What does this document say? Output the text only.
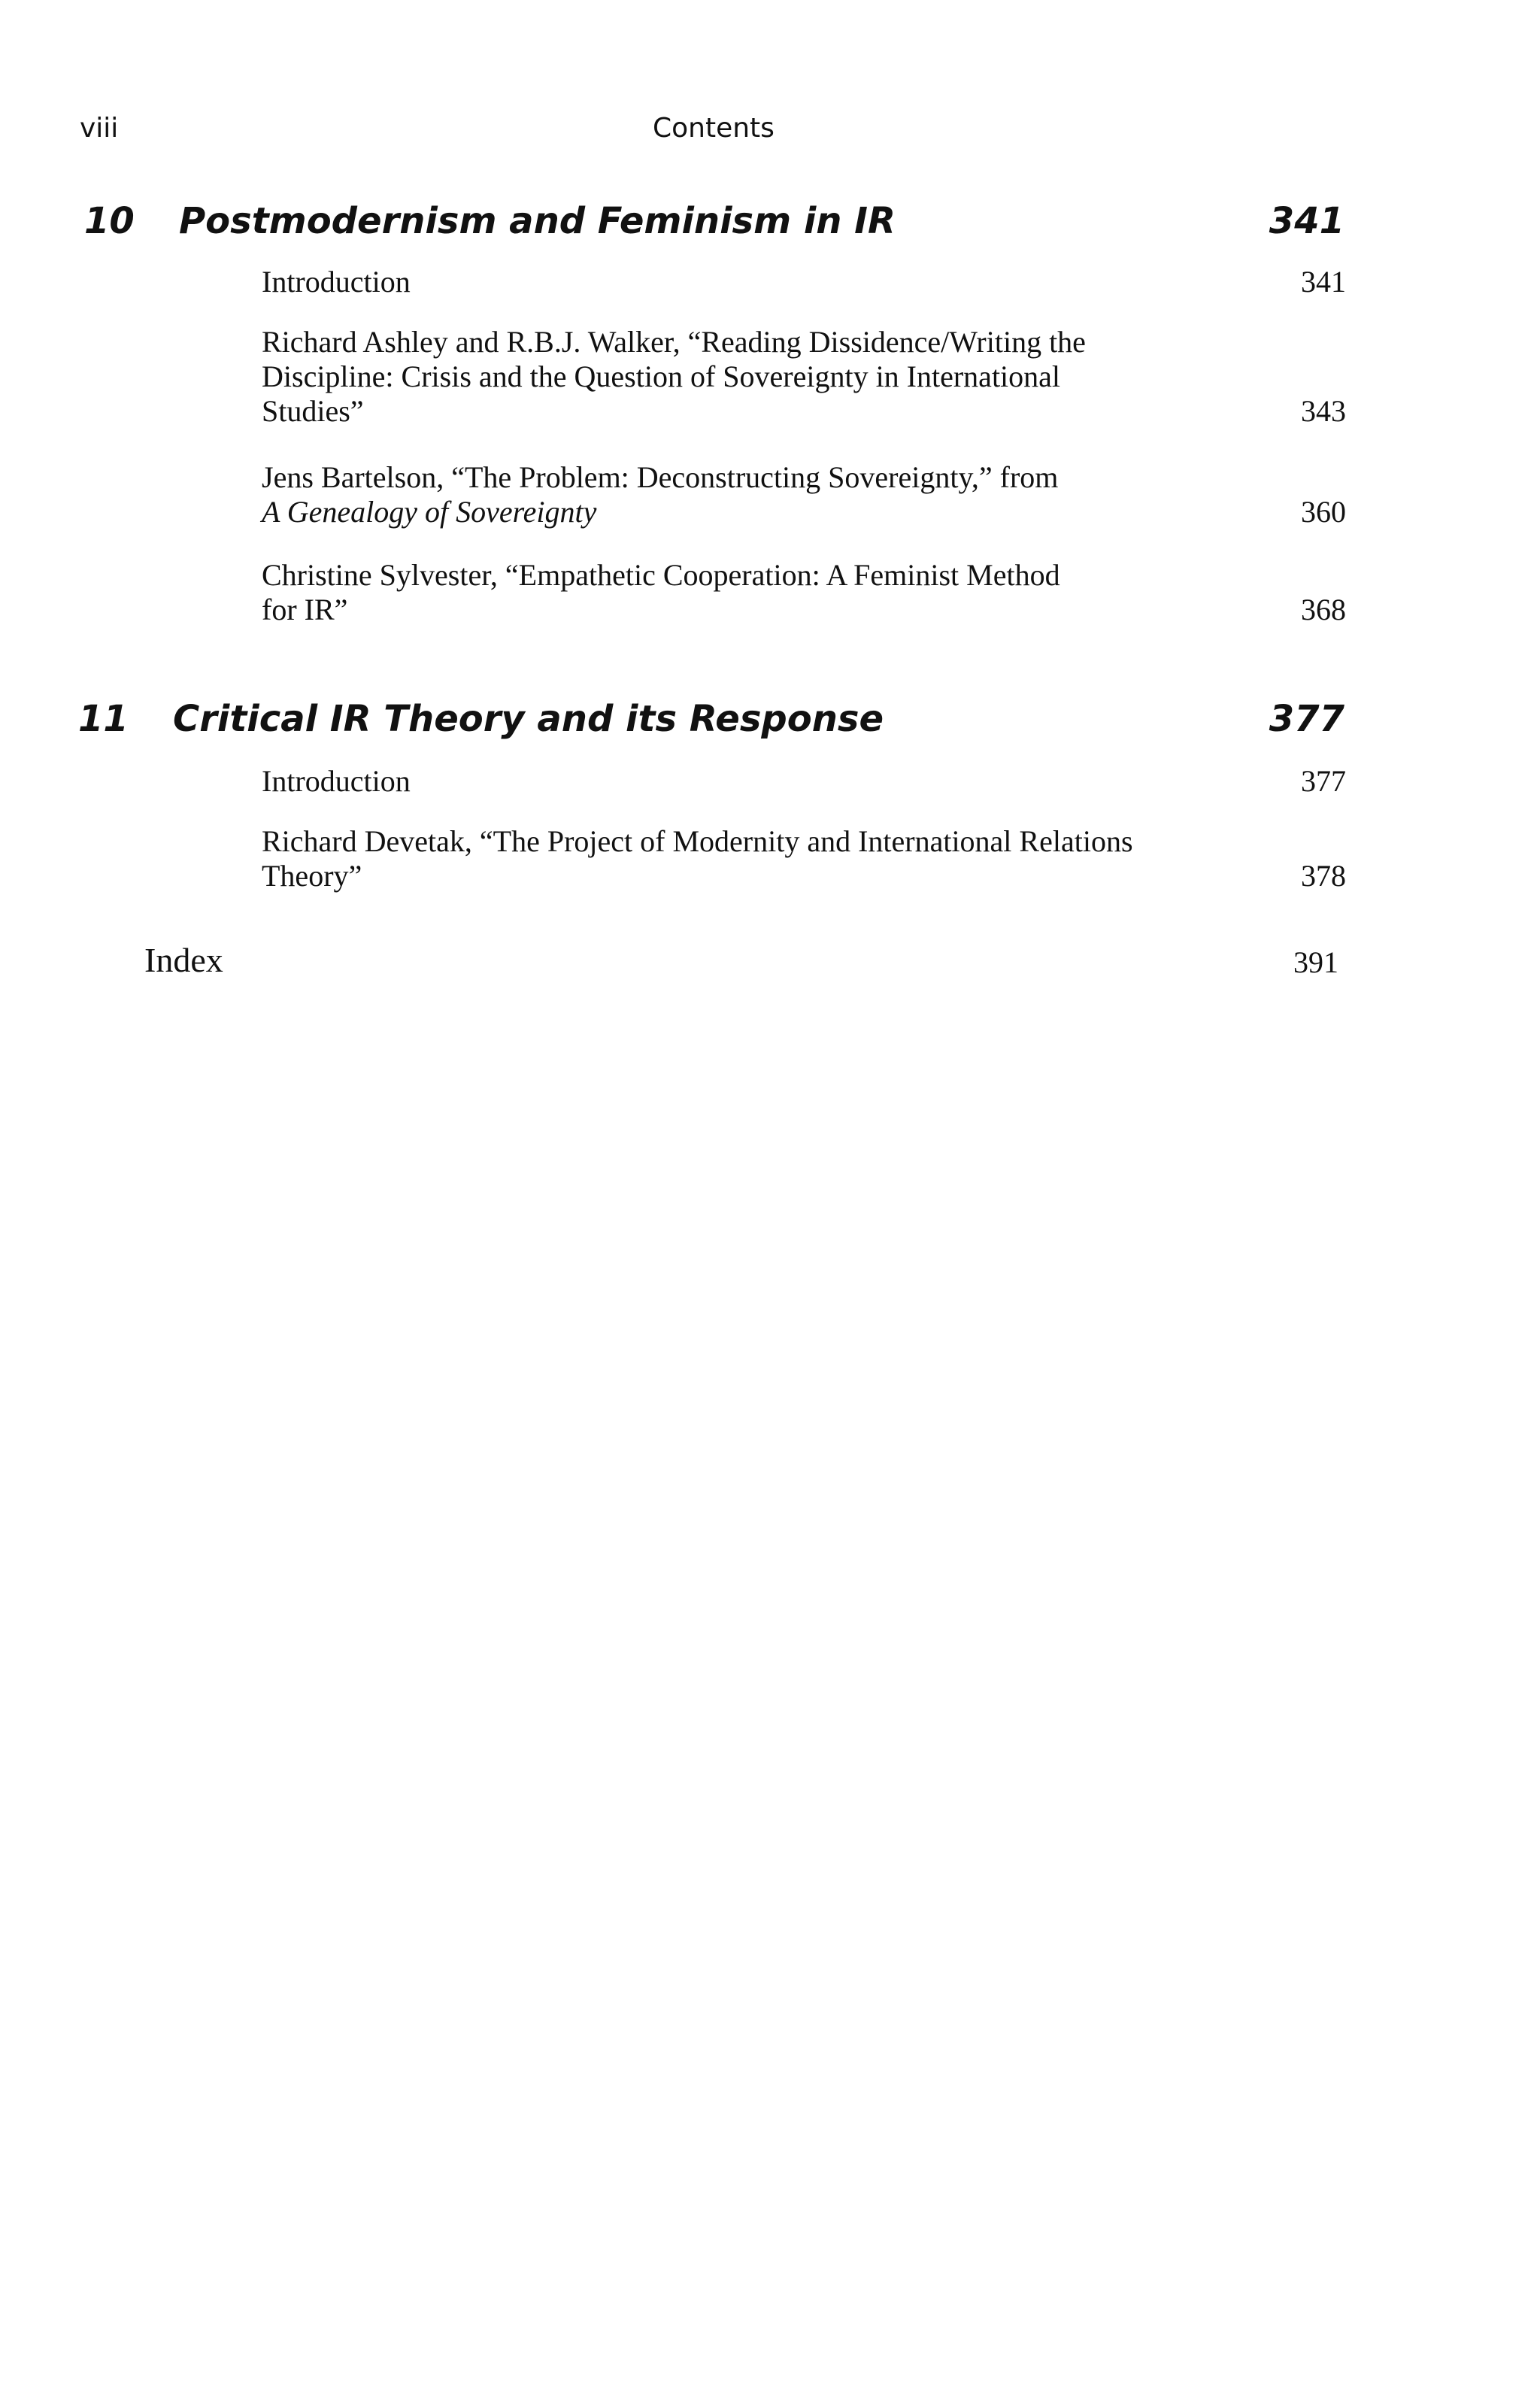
viii	Contents
10 Postmodernism and Feminism in IR	341
Introduction	341
Richard Ashley and R.B.J. Walker, “Reading Dissidence/Writing the
Discipline: Crisis and the Question of Sovereignty in International
Studies”	343
Jens Bartelson, “The Problem: Deconstructing Sovereignty,” from
A Genealogy of Sovereignty	360
Christine Sylvester, “Empathetic Cooperation: A Feminist Method
for IR”	368
11 Critical IR Theory and its Response	377
Introduction	377
Richard Devetak, “The Project of Modernity and International Relations
Theory”	378
Index	391
